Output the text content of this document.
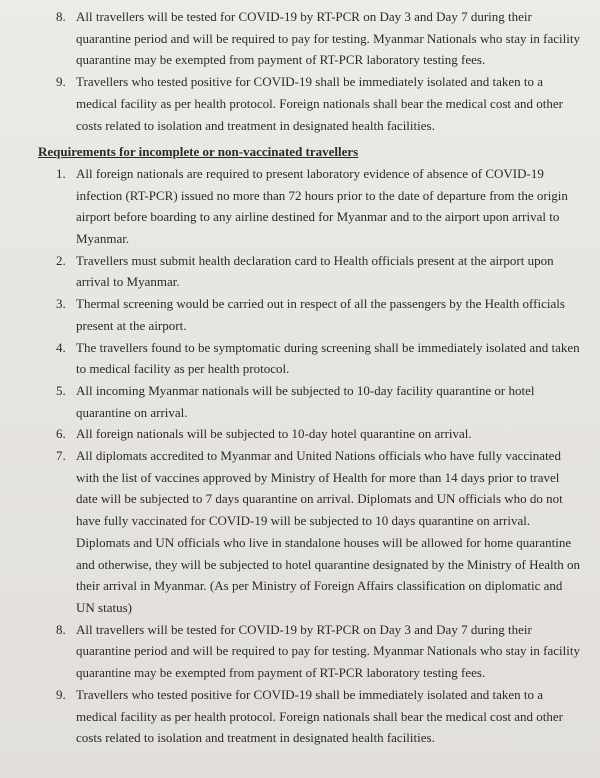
8. All travellers will be tested for COVID-19 by RT-PCR on Day 3 and Day 7 during their quarantine period and will be required to pay for testing. Myanmar Nationals who stay in facility quarantine may be exempted from payment of RT-PCR laboratory testing fees.
9. Travellers who tested positive for COVID-19 shall be immediately isolated and taken to a medical facility as per health protocol. Foreign nationals shall bear the medical cost and other costs related to isolation and treatment in designated health facilities.
Requirements for incomplete or non-vaccinated travellers
1. All foreign nationals are required to present laboratory evidence of absence of COVID-19 infection (RT-PCR) issued no more than 72 hours prior to the date of departure from the origin airport before boarding to any airline destined for Myanmar and to the airport upon arrival to Myanmar.
2. Travellers must submit health declaration card to Health officials present at the airport upon arrival to Myanmar.
3. Thermal screening would be carried out in respect of all the passengers by the Health officials present at the airport.
4. The travellers found to be symptomatic during screening shall be immediately isolated and taken to medical facility as per health protocol.
5. All incoming Myanmar nationals will be subjected to 10-day facility quarantine or hotel quarantine on arrival.
6. All foreign nationals will be subjected to 10-day hotel quarantine on arrival.
7. All diplomats accredited to Myanmar and United Nations officials who have fully vaccinated with the list of vaccines approved by Ministry of Health for more than 14 days prior to travel date will be subjected to 7 days quarantine on arrival. Diplomats and UN officials who do not have fully vaccinated for COVID-19 will be subjected to 10 days quarantine on arrival. Diplomats and UN officials who live in standalone houses will be allowed for home quarantine and otherwise, they will be subjected to hotel quarantine designated by the Ministry of Health on their arrival in Myanmar. (As per Ministry of Foreign Affairs classification on diplomatic and UN status)
8. All travellers will be tested for COVID-19 by RT-PCR on Day 3 and Day 7 during their quarantine period and will be required to pay for testing. Myanmar Nationals who stay in facility quarantine may be exempted from payment of RT-PCR laboratory testing fees.
9. Travellers who tested positive for COVID-19 shall be immediately isolated and taken to a medical facility as per health protocol. Foreign nationals shall bear the medical cost and other costs related to isolation and treatment in designated health facilities.
